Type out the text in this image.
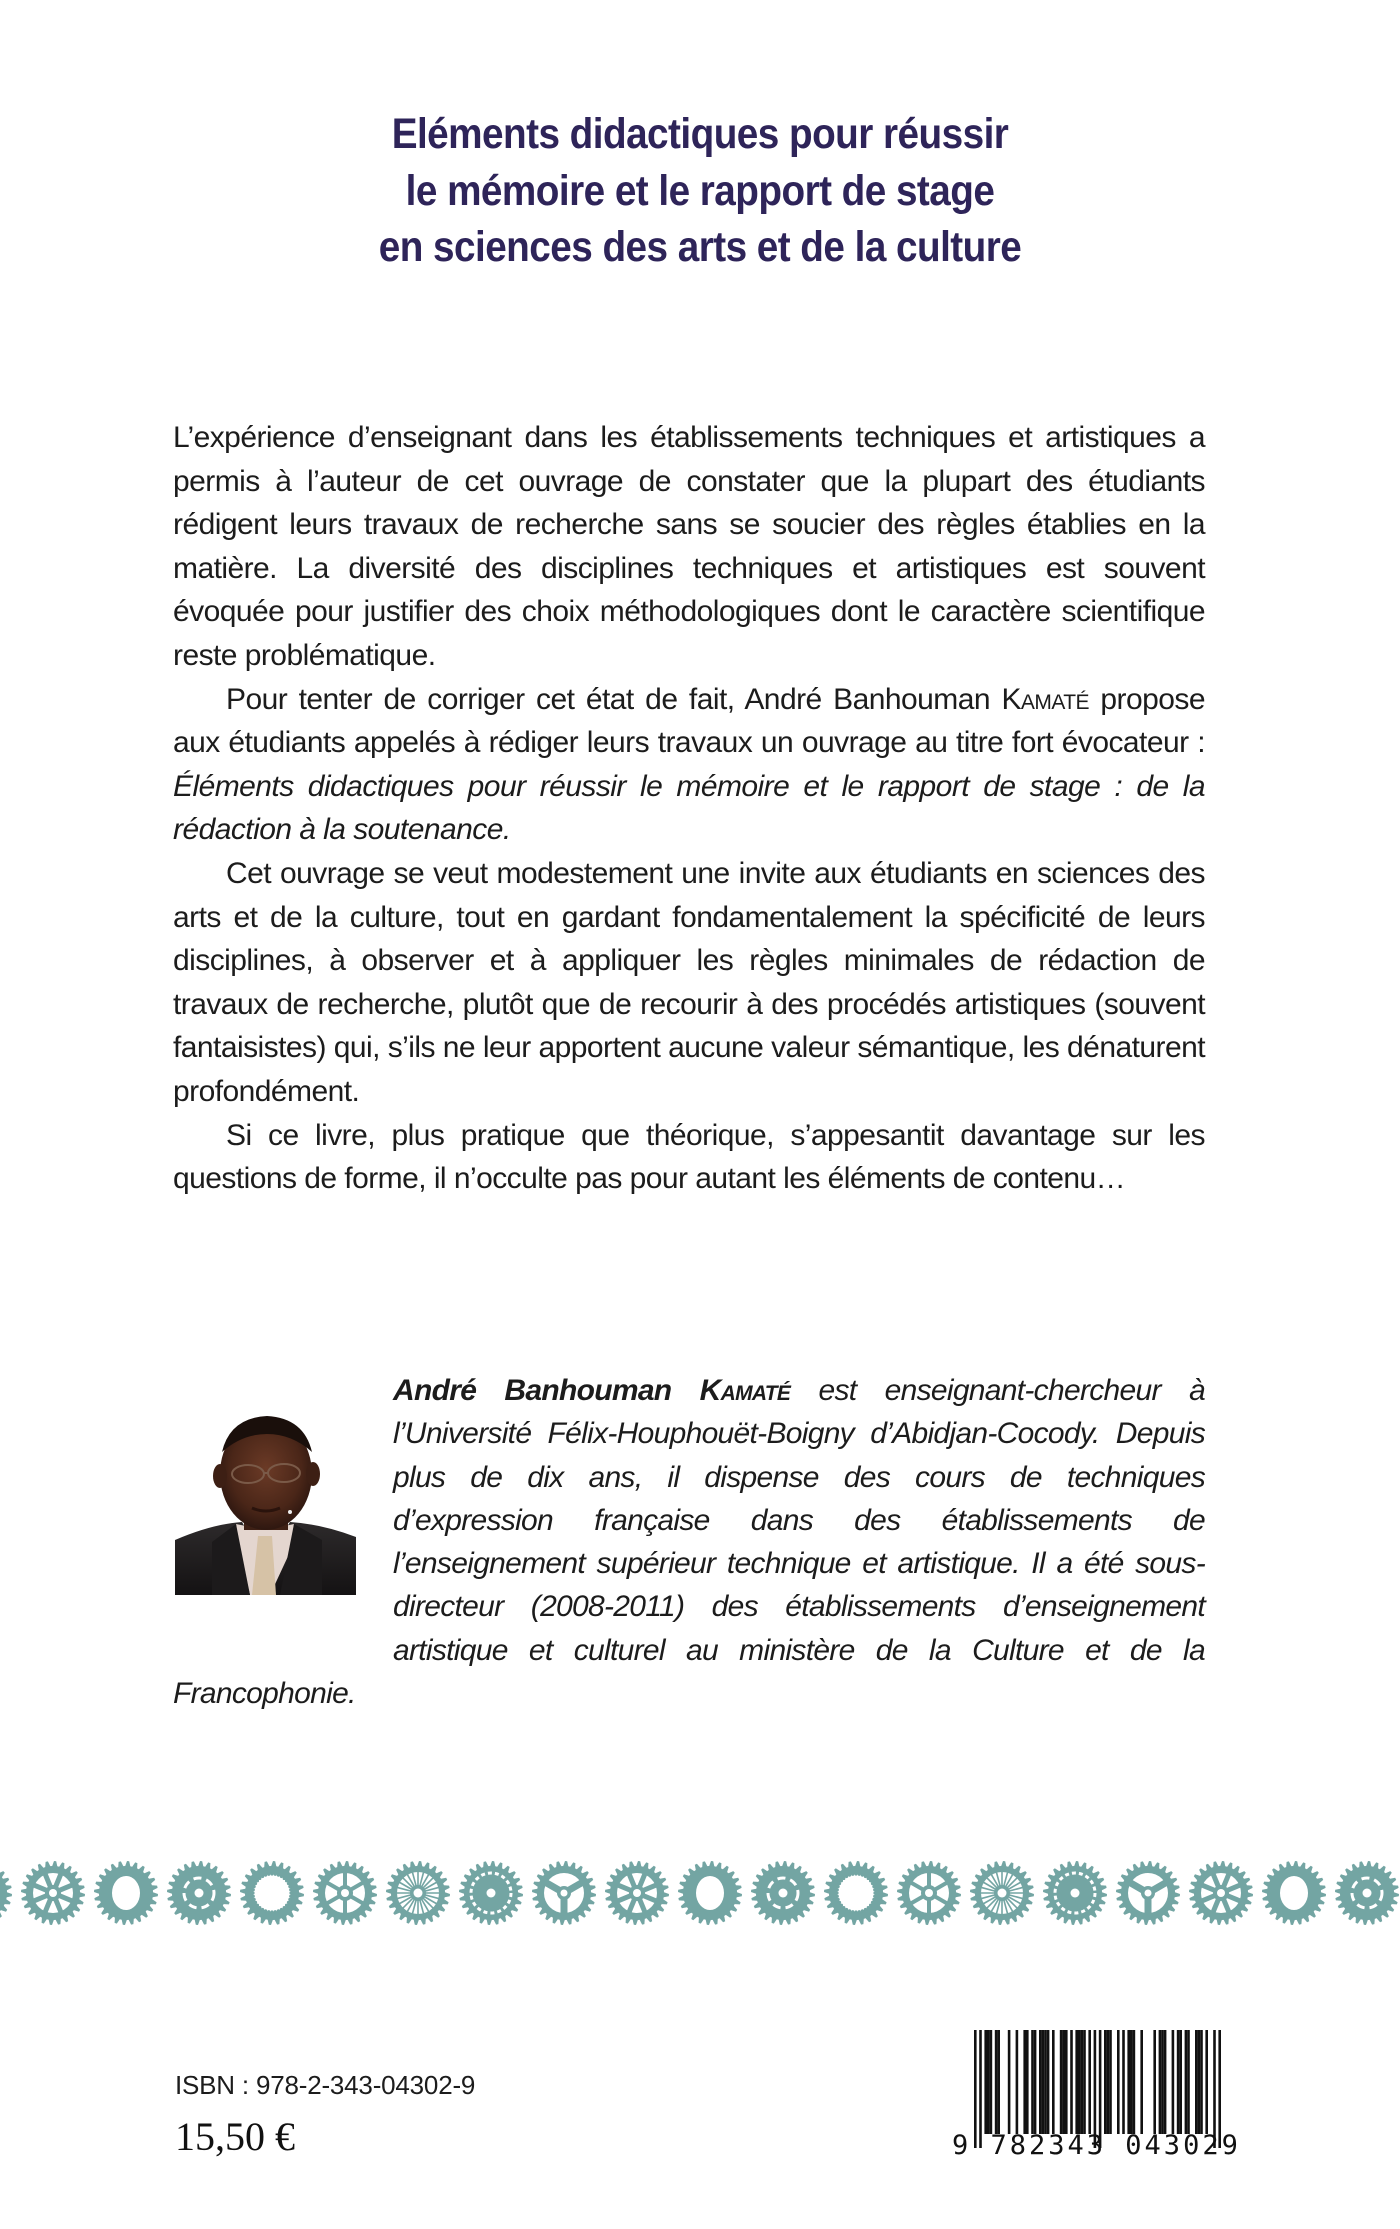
Eléments didactiques pour réussir
le mémoire et le rapport de stage
en sciences des arts et de la culture

L’expérience d’enseignant dans les établissements techniques et artistiques a permis à l’auteur de cet ouvrage de constater que la plupart des étudiants rédigent leurs travaux de recherche sans se soucier des règles établies en la matière. La diversité des disciplines techniques et artistiques est souvent évoquée pour justifier des choix méthodologiques dont le caractère scientifique reste problématique.

Pour tenter de corriger cet état de fait, André Banhouman Kamaté propose aux étudiants appelés à rédiger leurs travaux un ouvrage au titre fort évocateur : Éléments didactiques pour réussir le mémoire et le rapport de stage : de la rédaction à la soutenance.

Cet ouvrage se veut modestement une invite aux étudiants en sciences des arts et de la culture, tout en gardant fondamentalement la spécificité de leurs disciplines, à observer et à appliquer les règles minimales de rédaction de travaux de recherche, plutôt que de recourir à des procédés artistiques (souvent fantaisistes) qui, s’ils ne leur apportent aucune valeur sémantique, les dénaturent profondément.

Si ce livre, plus pratique que théorique, s’appesantit davantage sur les questions de forme, il n’occulte pas pour autant les éléments de contenu…

André Banhouman Kamaté est enseignant-chercheur à l’Université Félix-Houphouët-Boigny d’Abidjan-Cocody. Depuis plus de dix ans, il dispense des cours de techniques d’expression française dans des établissements de l’enseignement supérieur technique et artistique. Il a été sous-directeur (2008-2011) des établissements d’enseignement artistique et culturel au ministère de la Culture et de la Francophonie.
ISBN : 978-2-343-04302-9
15,50 €	9 782343 043029
